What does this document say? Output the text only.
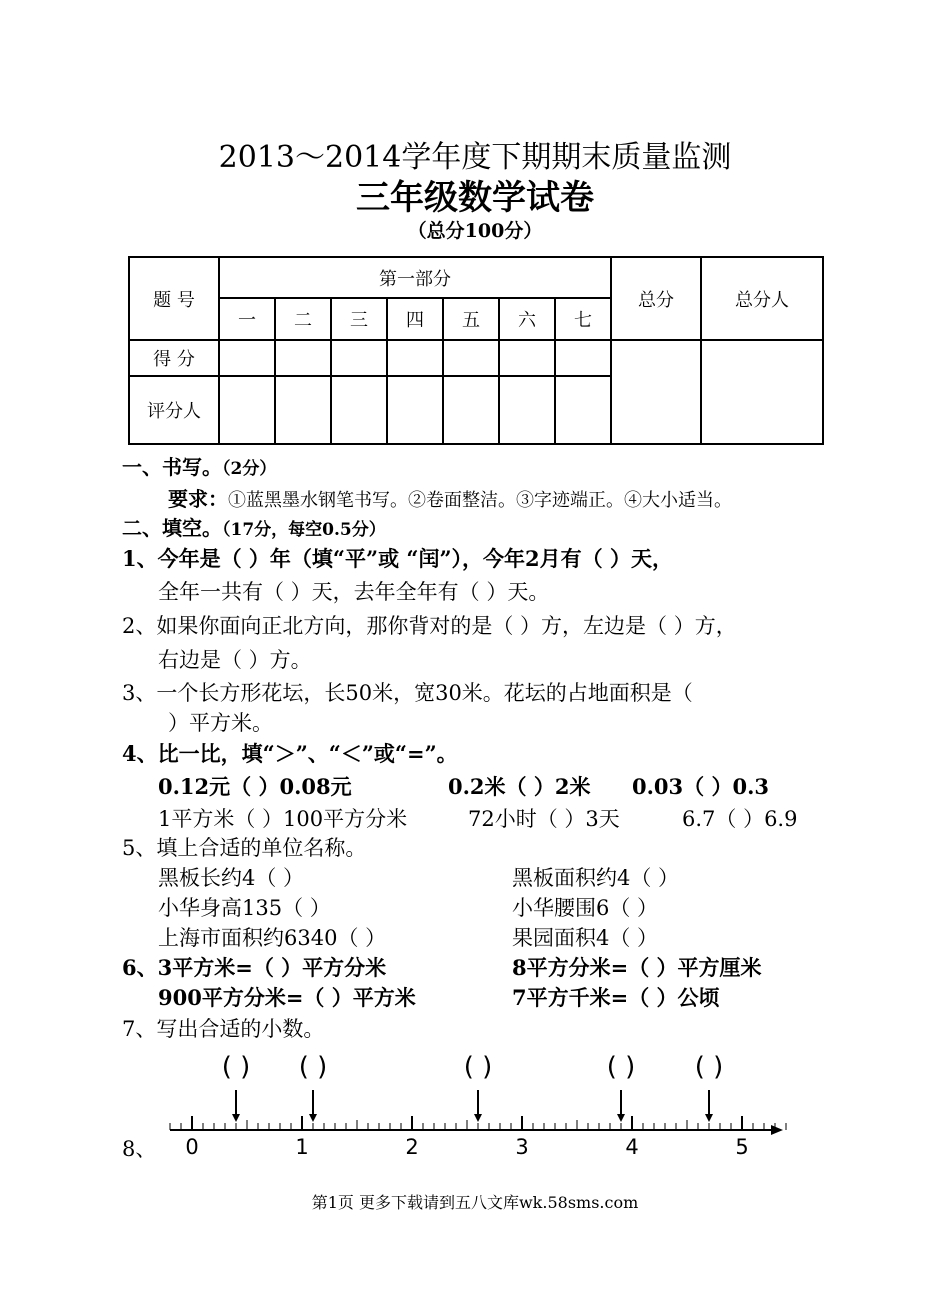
2013～2014学年度下期期末质量监测
三年级数学试卷
（总分100分）
题 号	第一部分							总分	总分人
	一	二	三	四	五	六	七		
得 分									
评分人									
一、书写。（2分）
要求：①蓝黑墨水钢笔书写。②卷面整洁。③字迹端正。④大小适当。
二、填空。（17分，每空0.5分）
1、今年是（ ）年（填“平”或 “闰”），今年2月有（ ）天，
全年一共有（ ）天，去年全年有（ ）天。
2、如果你面向正北方向，那你背对的是（ ）方，左边是（ ）方，
右边是（ ）方。
3、一个长方形花坛，长50米，宽30米。花坛的占地面积是（
）平方米。
4、比一比，填“＞”、“＜”或“=”。
0.12元（ ）0.08元	0.2米（ ）2米 0.03（ ）0.3
1平方米（ ）100平方分米	72小时（ ）3天	6.7（ ）6.9
5、填上合适的单位名称。
黑板长约4（ ）	黑板面积约4（ ）
小华身高135（ ）	小华腰围6（ ）
上海市面积约6340（ ）	果园面积4（ ）
6、3平方米=（ ）平方分米	8平方分米=（ ）平方厘米
900平方分米=（ ）平方米	7平方千米=（ ）公顷
7、写出合适的小数。
8、 0	1	2	3	4	5
( ) ( )	( )	( ) ( )
第1页 更多下载请到五八文库wk.58sms.com
